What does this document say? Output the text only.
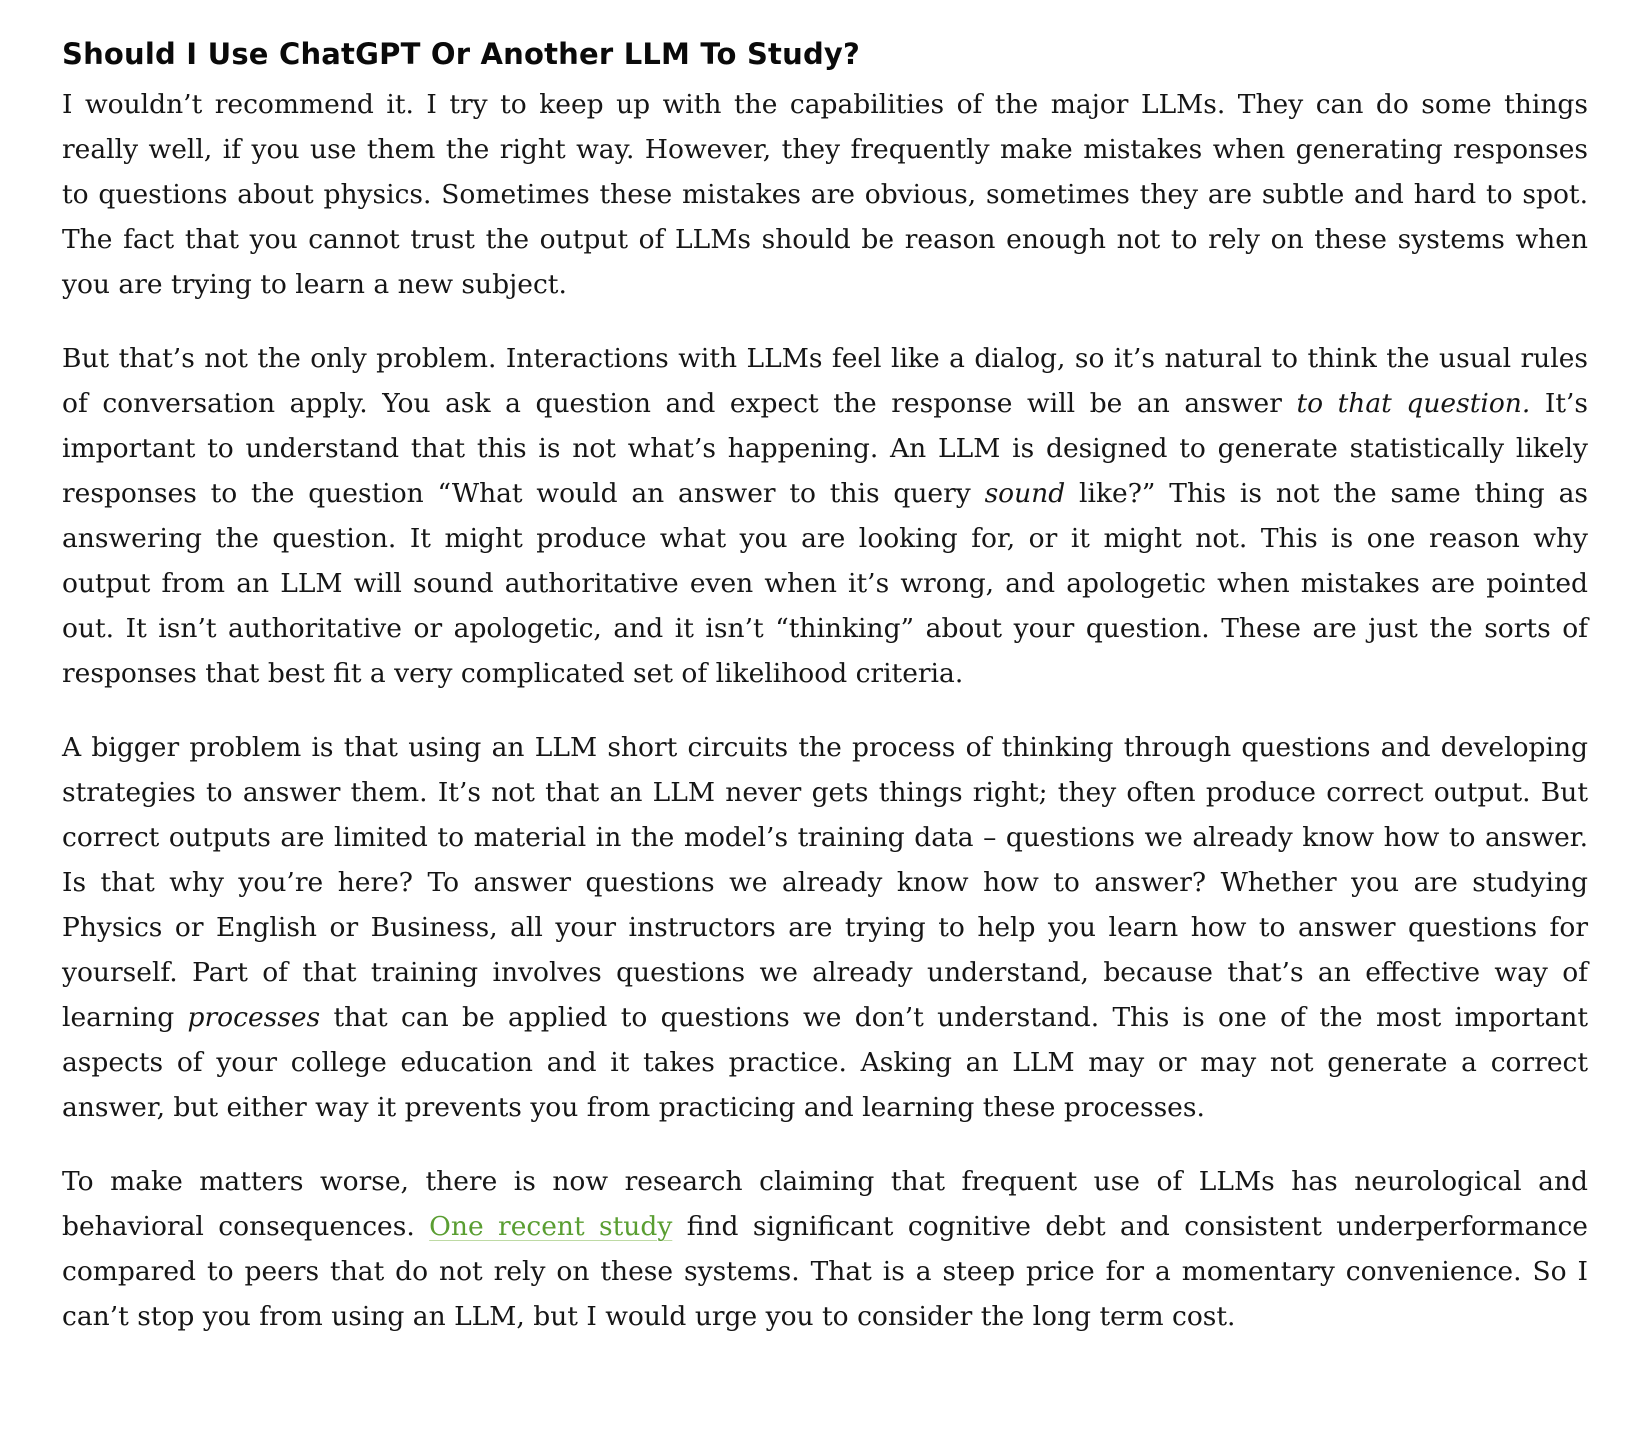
Should I Use ChatGPT Or Another LLM To Study?

I wouldn’t recommend it. I try to keep up with the capabilities of the major LLMs. They can do some things really well, if you use them the right way. However, they frequently make mistakes when generating responses to questions about physics. Sometimes these mistakes are obvious, sometimes they are subtle and hard to spot. The fact that you cannot trust the output of LLMs should be reason enough not to rely on these systems when you are trying to learn a new subject.

But that’s not the only problem. Interactions with LLMs feel like a dialog, so it’s natural to think the usual rules of conversation apply. You ask a question and expect the response will be an answer to that question. It’s important to understand that this is not what’s happening. An LLM is designed to generate statistically likely responses to the question “What would an answer to this query sound like?” This is not the same thing as answering the question. It might produce what you are looking for, or it might not. This is one reason why output from an LLM will sound authoritative even when it’s wrong, and apologetic when mistakes are pointed out. It isn’t authoritative or apologetic, and it isn’t “thinking” about your question. These are just the sorts of responses that best fit a very complicated set of likelihood criteria.

A bigger problem is that using an LLM short circuits the process of thinking through questions and developing strategies to answer them. It’s not that an LLM never gets things right; they often produce correct output. But correct outputs are limited to material in the model’s training data – questions we already know how to answer. Is that why you’re here? To answer questions we already know how to answer? Whether you are studying Physics or English or Business, all your instructors are trying to help you learn how to answer questions for yourself. Part of that training involves questions we already understand, because that’s an effective way of learning processes that can be applied to questions we don’t understand. This is one of the most important aspects of your college education and it takes practice. Asking an LLM may or may not generate a correct answer, but either way it prevents you from practicing and learning these processes.

To make matters worse, there is now research claiming that frequent use of LLMs has neurological and behavioral consequences. One recent study find significant cognitive debt and consistent underperformance compared to peers that do not rely on these systems. That is a steep price for a momentary convenience. So I can’t stop you from using an LLM, but I would urge you to consider the long term cost.
